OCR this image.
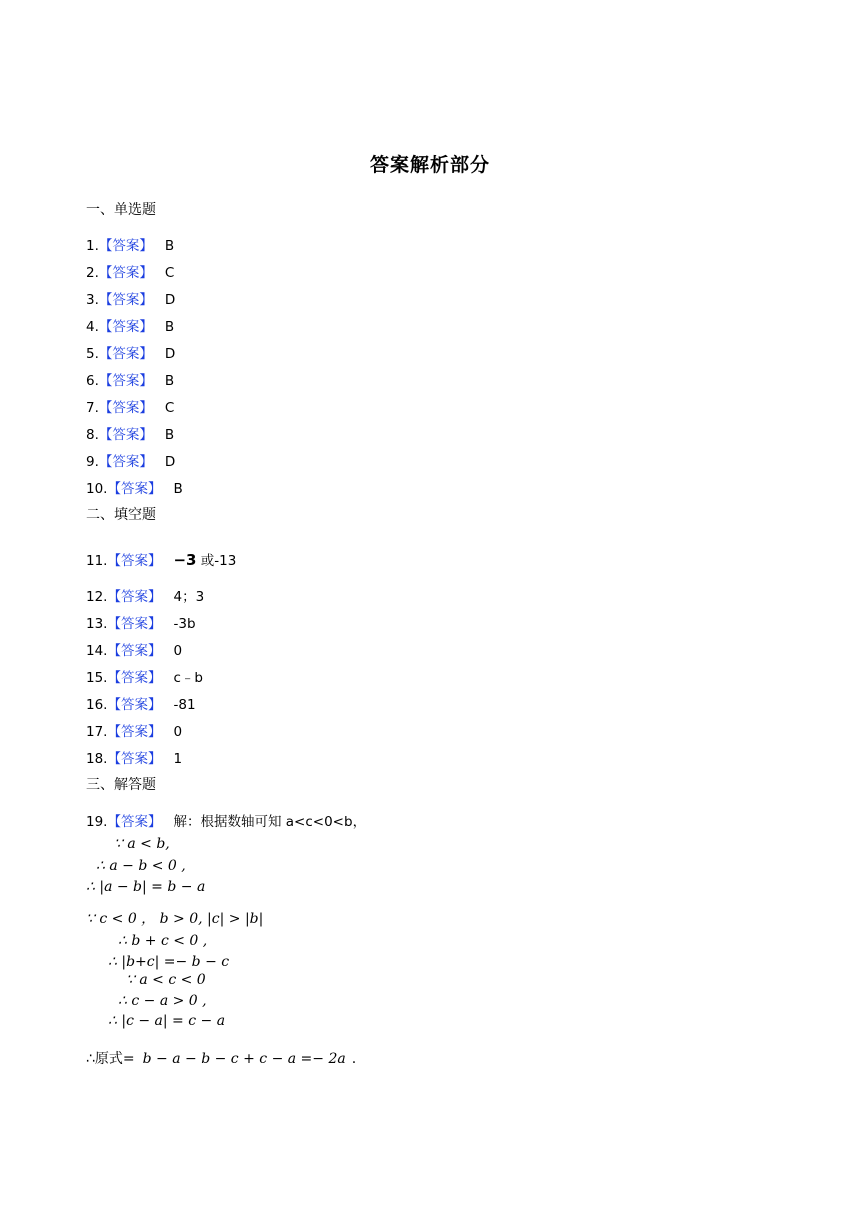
答案解析部分
一、单选题
1.【答案】 B
2.【答案】 C
3.【答案】 D
4.【答案】 B
5.【答案】 D
6.【答案】 B
7.【答案】 C
8.【答案】 B
9.【答案】 D
10.【答案】 B
二、填空题
11.【答案】 −3 或-13
12.【答案】 4；3
13.【答案】 -3b
14.【答案】 0
15.【答案】 c﹣b
16.【答案】 -81
17.【答案】 0
18.【答案】 1
三、解答题
19.【答案】 解：根据数轴可知 a<c<0<b，
∵ a < b,
∴ a − b < 0 ,
∴ |a − b| = b − a
∵ c < 0 ， b > 0, |c| > |b|
∴ b + c < 0 ,
∴ |b+c| =− b − c
∵ a < c < 0
∴ c − a > 0 ,
∴ |c − a| = c − a
∴原式= b − a − b − c + c − a =− 2a .
